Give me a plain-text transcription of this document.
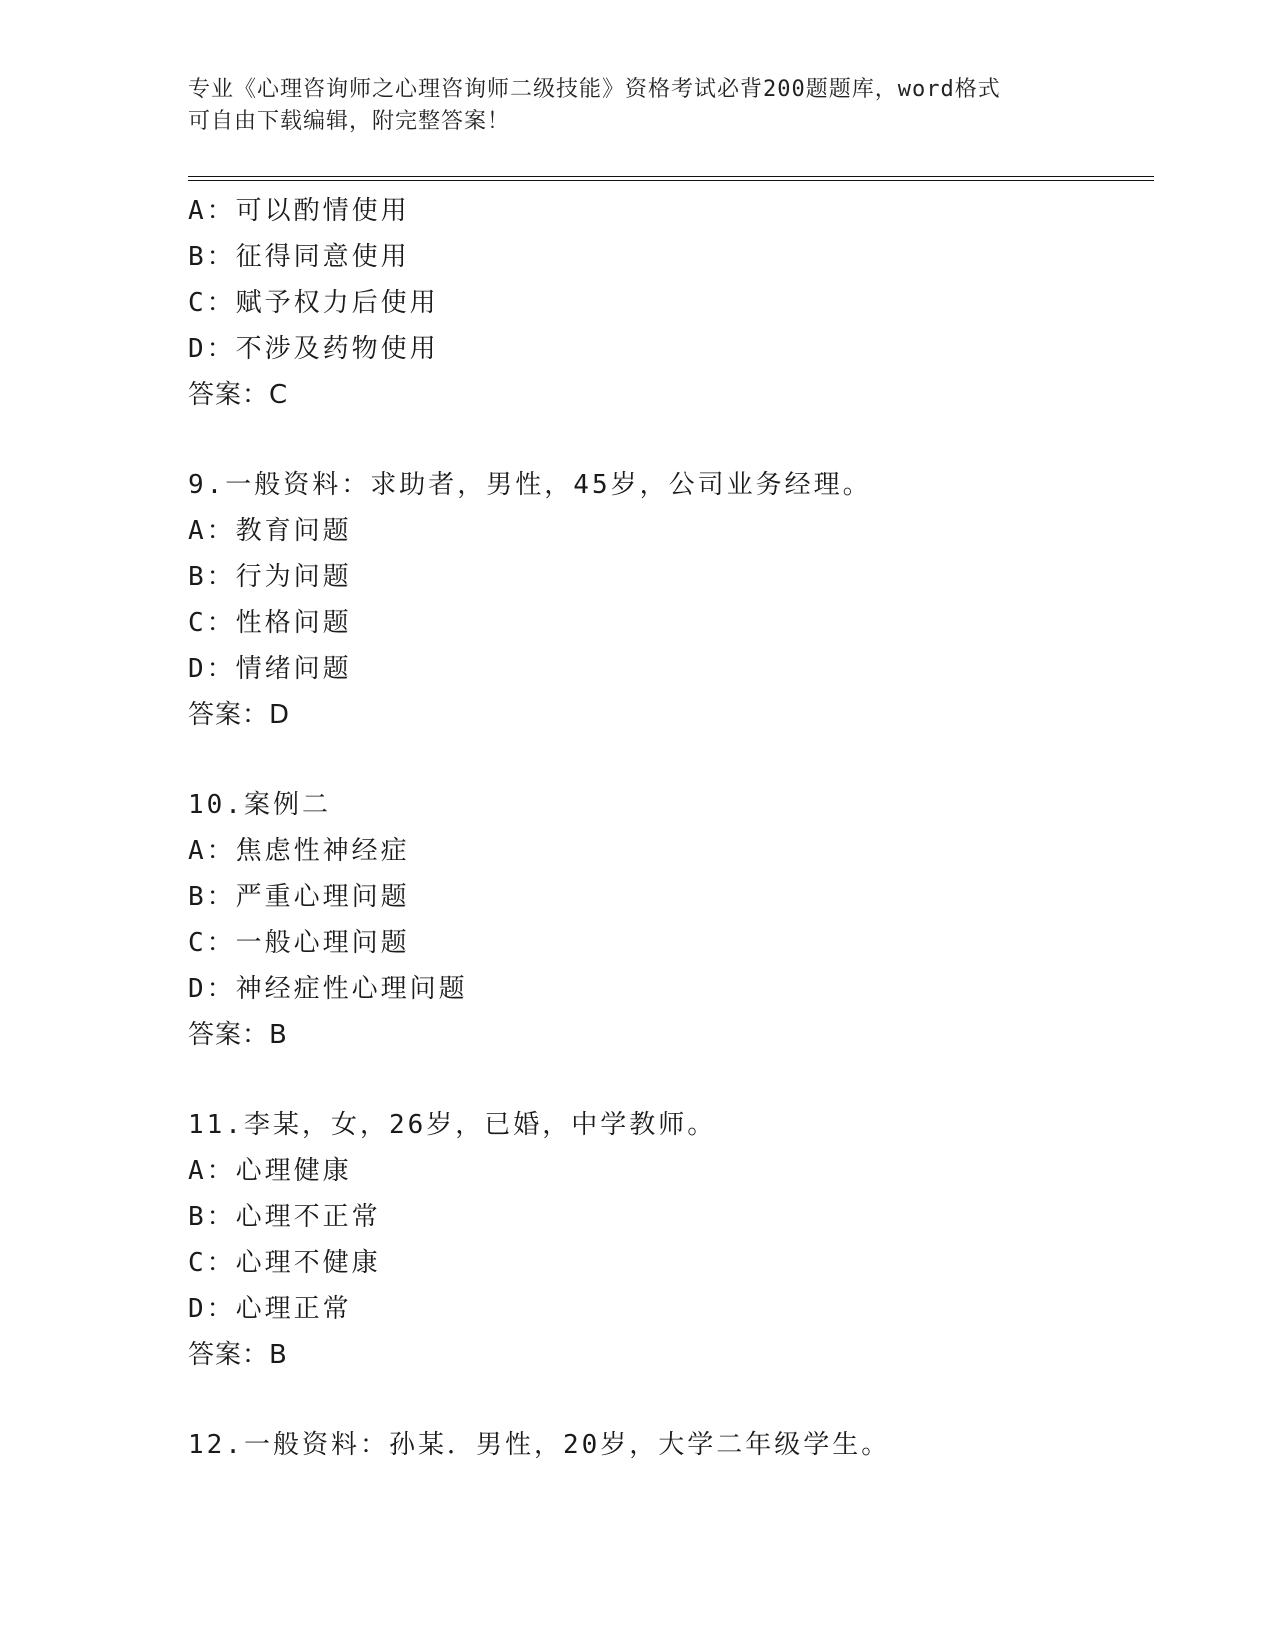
专业《心理咨询师之心理咨询师二级技能》资格考试必背200题题库，word格式
可自由下载编辑，附完整答案！
A：可以酌情使用
B：征得同意使用
C：赋予权力后使用
D：不涉及药物使用
答案：C
9.一般资料：求助者，男性，45岁，公司业务经理。
A：教育问题
B：行为问题
C：性格问题
D：情绪问题
答案：D
10.案例二
A：焦虑性神经症
B：严重心理问题
C：一般心理问题
D：神经症性心理问题
答案：B
11.李某，女，26岁，已婚，中学教师。
A：心理健康
B：心理不正常
C：心理不健康
D：心理正常
答案：B
12.一般资料：孙某．男性，20岁，大学二年级学生。
